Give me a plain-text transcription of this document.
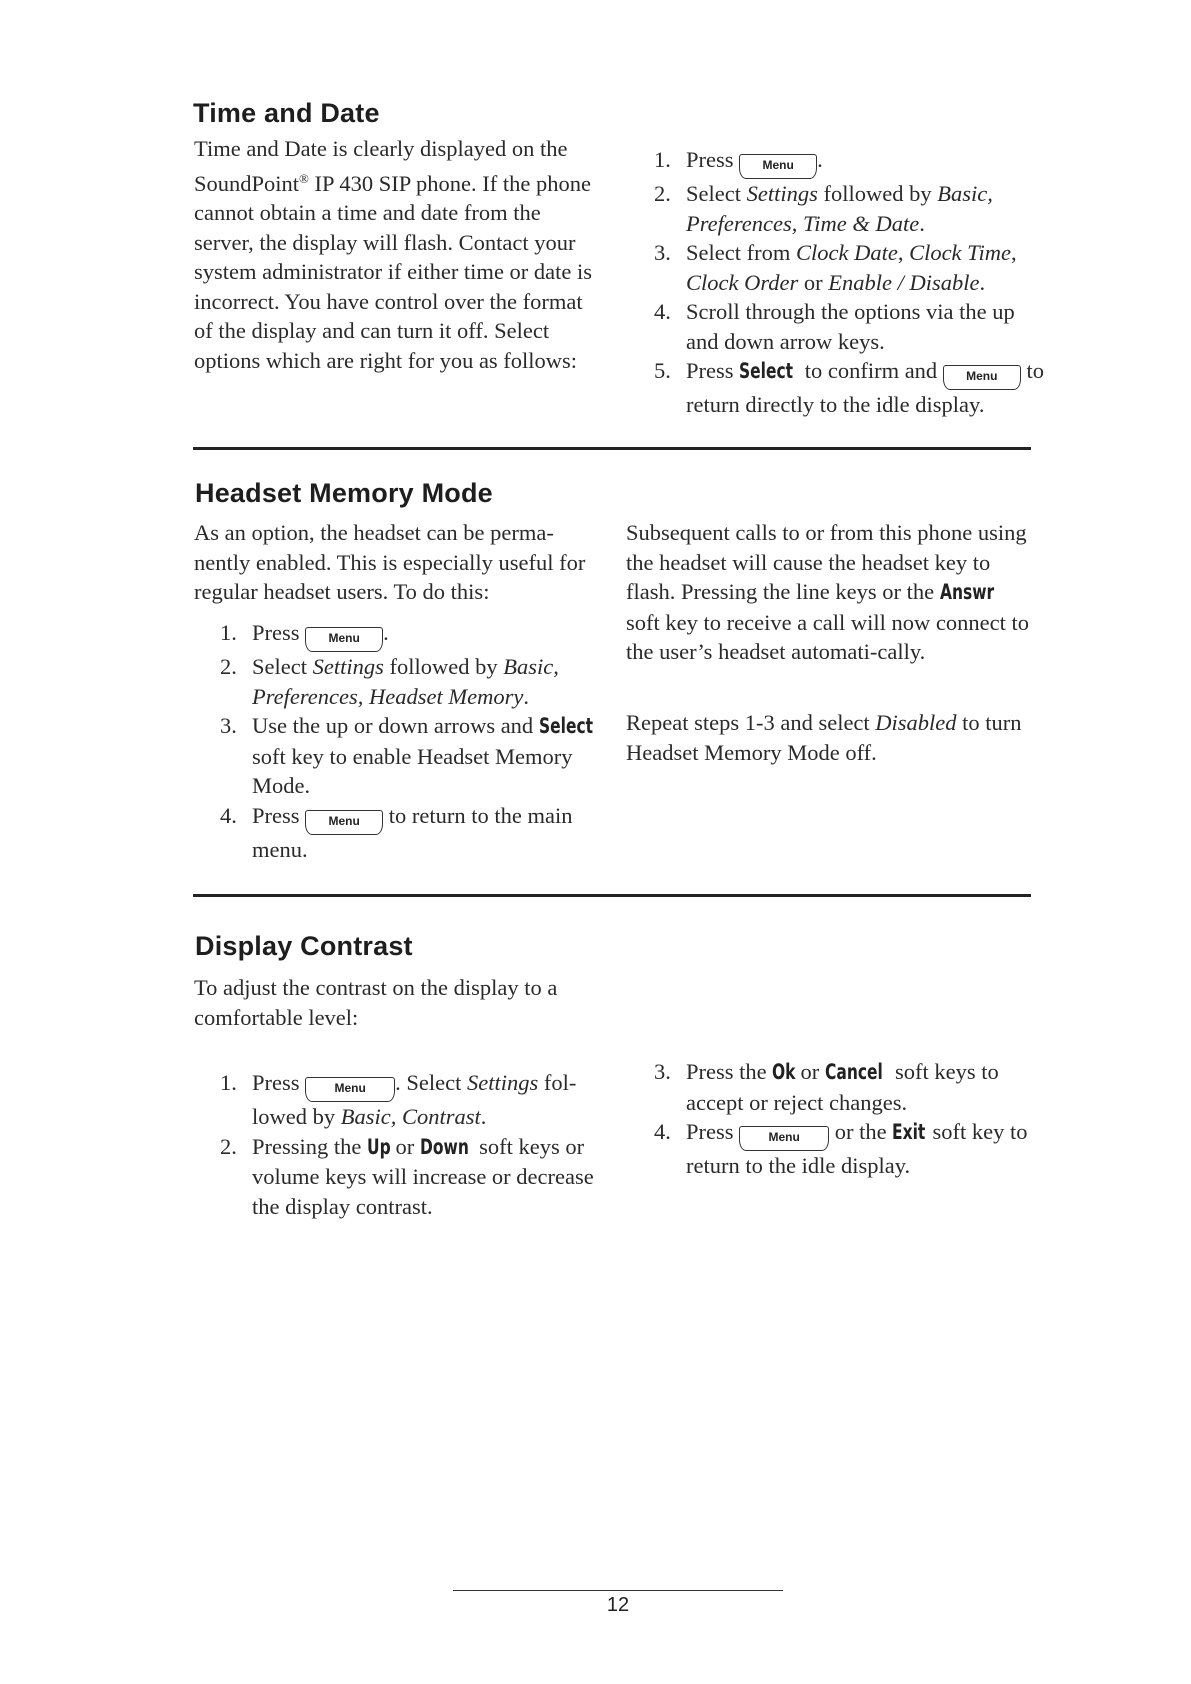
Time and Date

Time and Date is clearly displayed on the SoundPoint® IP 430 SIP phone. If the phone cannot obtain a time and date from the server, the display will flash. Contact your system administrator if either time or date is incorrect. You have control over the format of the display and can turn it off. Select options which are right for you as follows:

1. Press Menu .
2. Select Settings followed by Basic, Preferences, Time & Date.
3. Select from Clock Date, Clock Time, Clock Order or Enable / Disable.
4. Scroll through the options via the up and down arrow keys.
5. Press Select to confirm and Menu to return directly to the idle display.
Headset Memory Mode

As an option, the headset can be perma-nently enabled. This is especially useful for regular headset users. To do this:

1. Press Menu .
2. Select Settings followed by Basic, Preferences, Headset Memory.
3. Use the up or down arrows and Select soft key to enable Headset Memory Mode.
4. Press Menu to return to the main menu.

Subsequent calls to or from this phone using the headset will cause the headset key to flash. Pressing the line keys or the Answr soft key to receive a call will now connect to the user’s headset automati-cally.

Repeat steps 1-3 and select Disabled to turn Headset Memory Mode off.

Display Contrast

To adjust the contrast on the display to a comfortable level:

1. Press Menu . Select Settings fol-lowed by Basic, Contrast.
2. Pressing the Up or Down soft keys or volume keys will increase or decrease the display contrast.
3. Press the Ok or Cancel soft keys to accept or reject changes.
4. Press Menu or the Exit soft key to return to the idle display.
12
